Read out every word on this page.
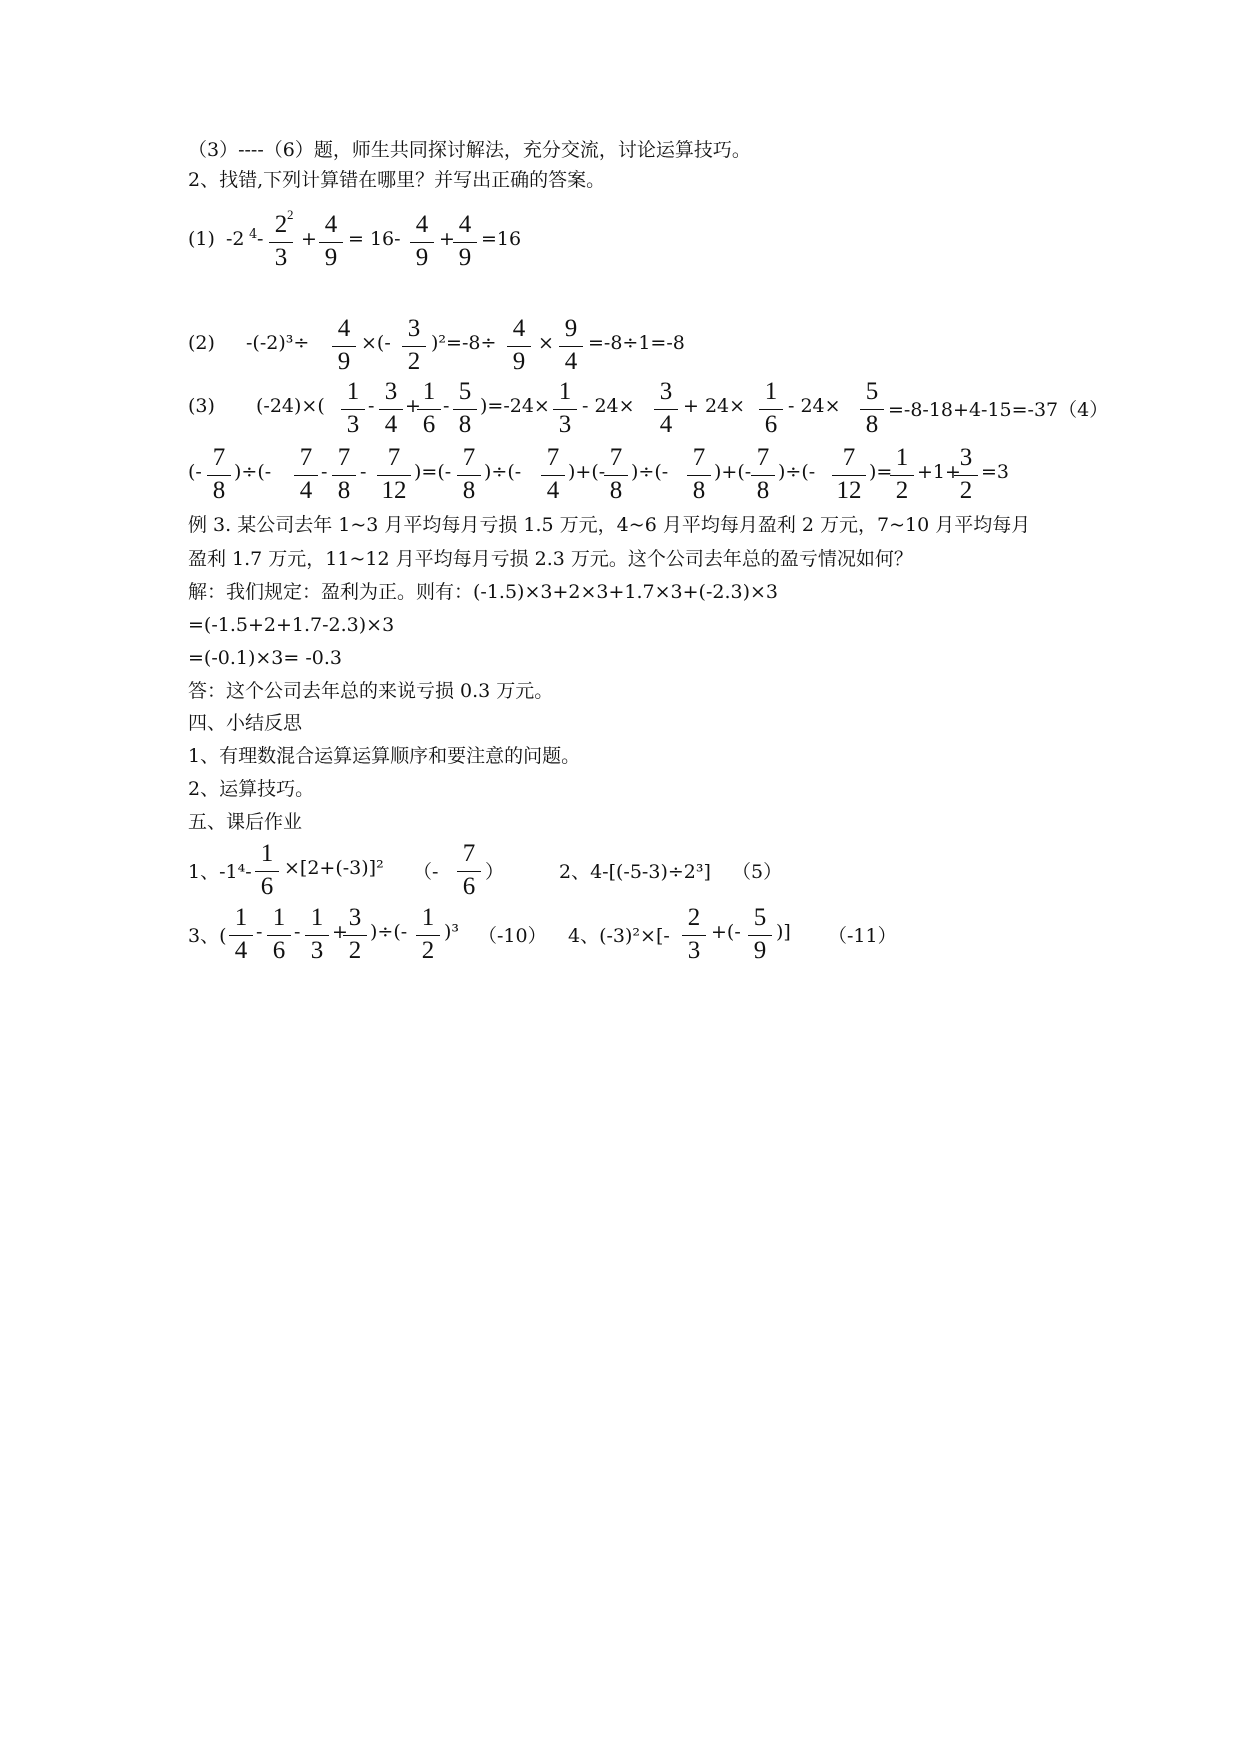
（3）----（6）题，师生共同探讨解法，充分交流，讨论运算技巧。
2、找错,下列计算错在哪里？并写出正确的答案。
(1) -2 4 -
2 2
3
+
4
9
= 16-
4
9
+
4
9
=16
(2) -(-2)³÷
4
9
×(-
3
2
)²=-8÷
4
9
×
9
4
=-8÷1=-8
(3) (-24)×(
1
3
-
3
4
+
1
6
-
5
8
)=-24×
1
3
- 24×
3
4
+ 24×
1
6
- 24×
5
8
=-8-18+4-15=-37（4）
(-
7
8
)÷(-
7
4
-
7
8
-
7
12
)=(-
7
8
)÷(-
7
4
)+(-
7
8
)÷(-
7
8
)+(-
7
8
)÷(-
7
12
)=
1
2
+1+
3
2
=3
例 3. 某公司去年 1~3 月平均每月亏损 1.5 万元，4~6 月平均每月盈利 2 万元，7~10 月平均每月
盈利 1.7 万元，11~12 月平均每月亏损 2.3 万元。这个公司去年总的盈亏情况如何？
解：我们规定：盈利为正。则有：(-1.5)×3+2×3+1.7×3+(-2.3)×3
=(-1.5+2+1.7-2.3)×3
=(-0.1)×3= -0.3
答：这个公司去年总的来说亏损 0.3 万元。
四、小结反思
1、有理数混合运算运算顺序和要注意的问题。
2、运算技巧。
五、课后作业
1、-1⁴-
1
6
×[2+(-3)]² （-
7
6
）	2、4-[(-5-3)÷2³] （5）
3、(
1
4
-
1
6
-
1
3
+
3
2
)÷(-
1
2
)³ （-10） 4、(-3)²×[-
2
3
+(-
5
9
)] （-11）
